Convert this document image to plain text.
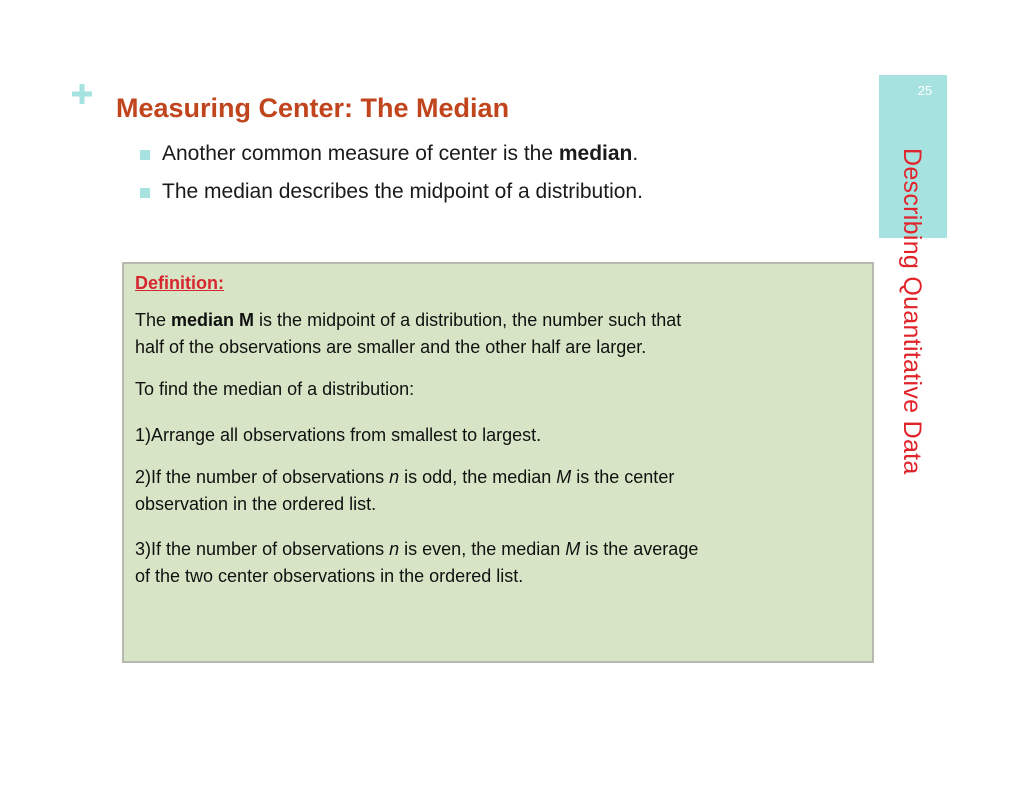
25
Describing Quantitative Data
Measuring Center: The Median
Another common measure of center is the median.
The median describes the midpoint of a distribution.
Definition:
The median M is the midpoint of a distribution, the number such that
half of the observations are smaller and the other half are larger.
To find the median of a distribution:
1)Arrange all observations from smallest to largest.
2)If the number of observations n is odd, the median M is the center
observation in the ordered list.
3)If the number of observations n is even, the median M is the average
of the two center observations in the ordered list.
